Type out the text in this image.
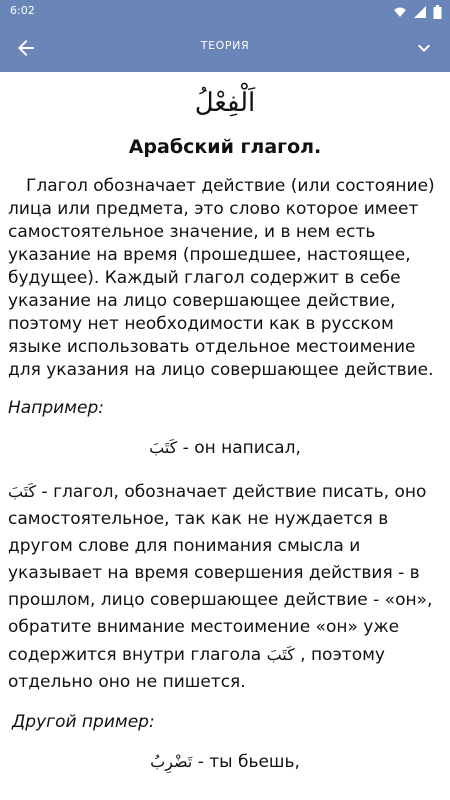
6:02
ТЕОРИЯ
اَلْفِعْلُ
Арабский глагол.
Глагол обозначает действие (или состояние) лица или предмета, это слово которое имеет самостоятельное значение, и в нем есть указание на время (прошедшее, настоящее, будущее). Каждый глагол содержит в себе указание на лицо совершающее действие, поэтому нет необходимости как в русском языке использовать отдельное местоимение для указания на лицо совершающее действие.
Например:
كَتَبَ - он написал,
كَتَبَ - глагол, обозначает действие писать, оно самостоятельное, так как не нуждается в другом слове для понимания смысла и указывает на время совершения действия - в прошлом, лицо совершающее действие - «он», обратите внимание местоимение «он» уже содержится внутри глагола كَتَبَ , поэтому отдельно оно не пишется.
Другой пример:
تَضْرِبُ - ты бьешь,
